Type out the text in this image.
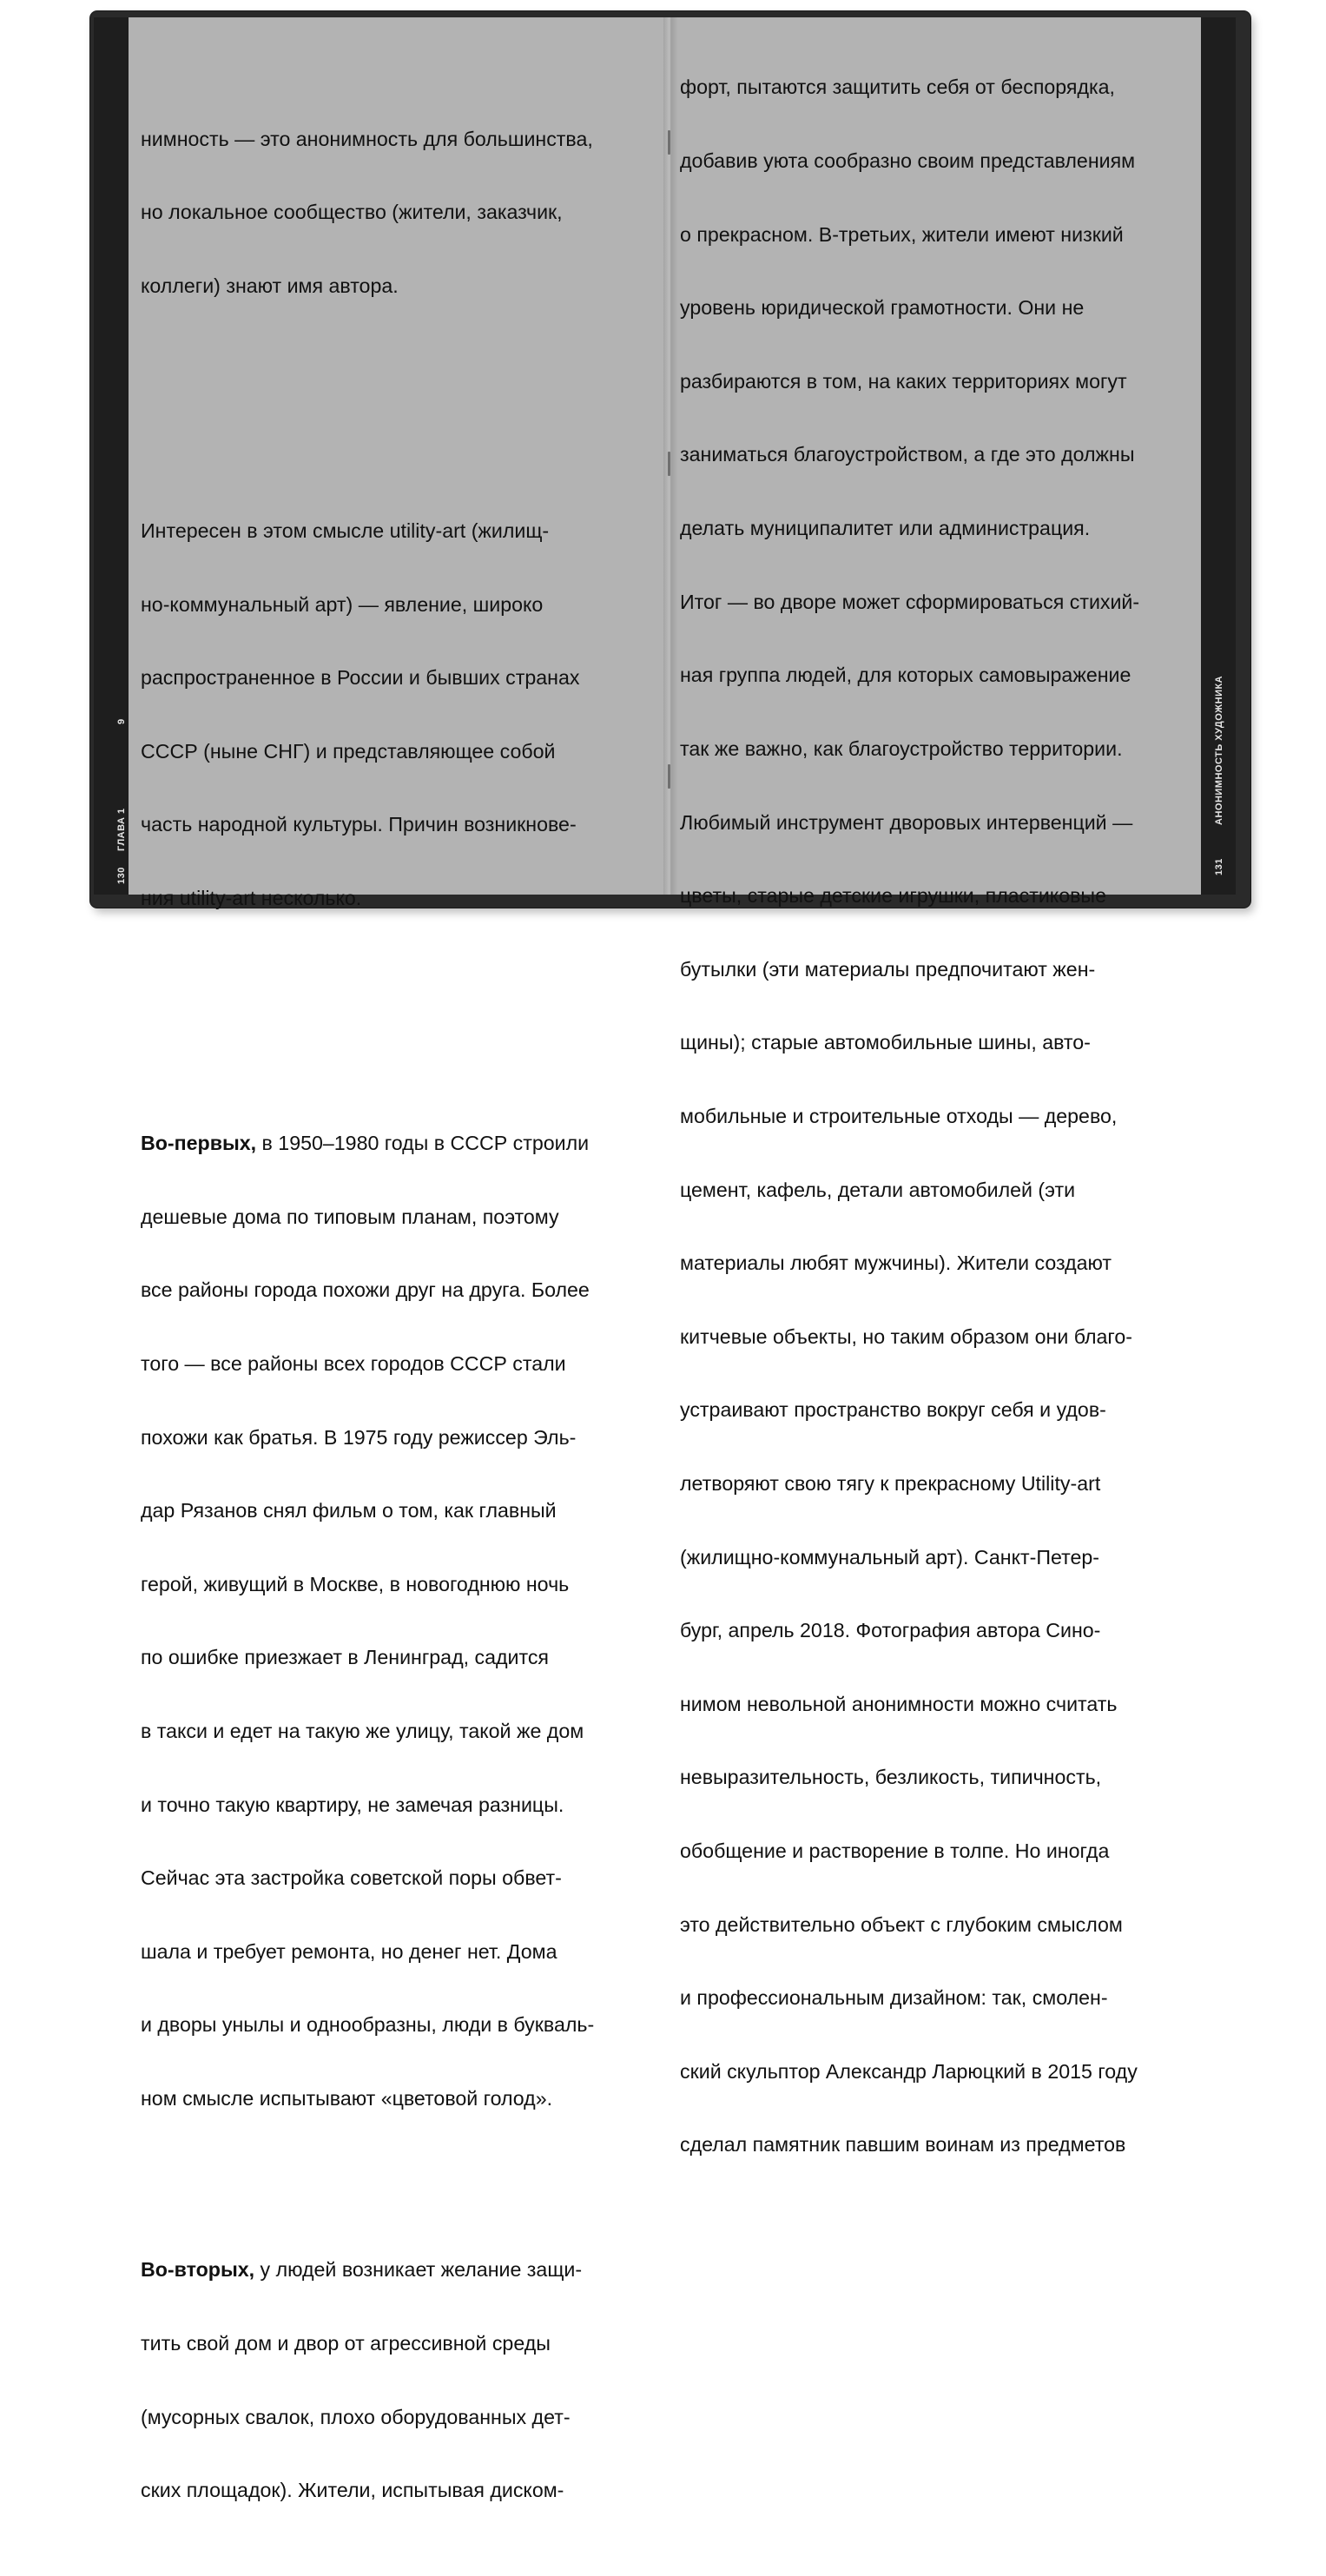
130
ГЛАВА 1
9
131
АНОНИМНОСТЬ ХУДОЖНИКА

нимность — это анонимность для большинства,

но локальное сообщество (жители, заказчик,

коллеги) знают имя автора.

Интересен в этом смысле utility-art (жилищ-

но-коммунальный арт) — явление, широко

распространенное в России и бывших странах

СССР (ныне СНГ) и представляющее собой

часть народной культуры. Причин возникнове-

ния utility-art несколько.

Во-первых, в 1950–1980 годы в СССР строили

дешевые дома по типовым планам, поэтому

все районы города похожи друг на друга. Более

того — все районы всех городов СССР стали

похожи как братья. В 1975 году режиссер Эль-

дар Рязанов снял фильм о том, как главный

герой, живущий в Москве, в новогоднюю ночь

по ошибке приезжает в Ленинград, садится

в такси и едет на такую же улицу, такой же дом

и точно такую квартиру, не замечая разницы.

Сейчас эта застройка советской поры обвет-

шала и требует ремонта, но денег нет. Дома

и дворы унылы и однообразны, люди в букваль-

ном смысле испытывают «цветовой голод».

Во-вторых, у людей возникает желание защи-

тить свой дом и двор от агрессивной среды

(мусорных свалок, плохо оборудованных дет-

ских площадок). Жители, испытывая диском-

форт, пытаются защитить себя от беспорядка,

добавив уюта сообразно своим представлениям

о прекрасном. В-третьих, жители имеют низкий

уровень юридической грамотности. Они не

разбираются в том, на каких территориях могут

заниматься благоустройством, а где это должны

делать муниципалитет или администрация.

Итог — во дворе может сформироваться стихий-

ная группа людей, для которых самовыражение

так же важно, как благоустройство территории.

Любимый инструмент дворовых интервенций —

цветы, старые детские игрушки, пластиковые

бутылки (эти материалы предпочитают жен-

щины); старые автомобильные шины, авто-

мобильные и строительные отходы — дерево,

цемент, кафель, детали автомобилей (эти

материалы любят мужчины). Жители создают

китчевые объекты, но таким образом они благо-

устраивают пространство вокруг себя и удов-

летворяют свою тягу к прекрасному Utility-art

(жилищно-коммунальный арт). Санкт-Петер-

бург, апрель 2018. Фотография автора Сино-

нимом невольной анонимности можно считать

невыразительность, безликость, типичность,

обобщение и растворение в толпе. Но иногда

это действительно объект с глубоким смыслом

и профессиональным дизайном: так, смолен-

ский скульптор Александр Ларюцкий в 2015 году

сделал памятник павшим воинам из предметов
